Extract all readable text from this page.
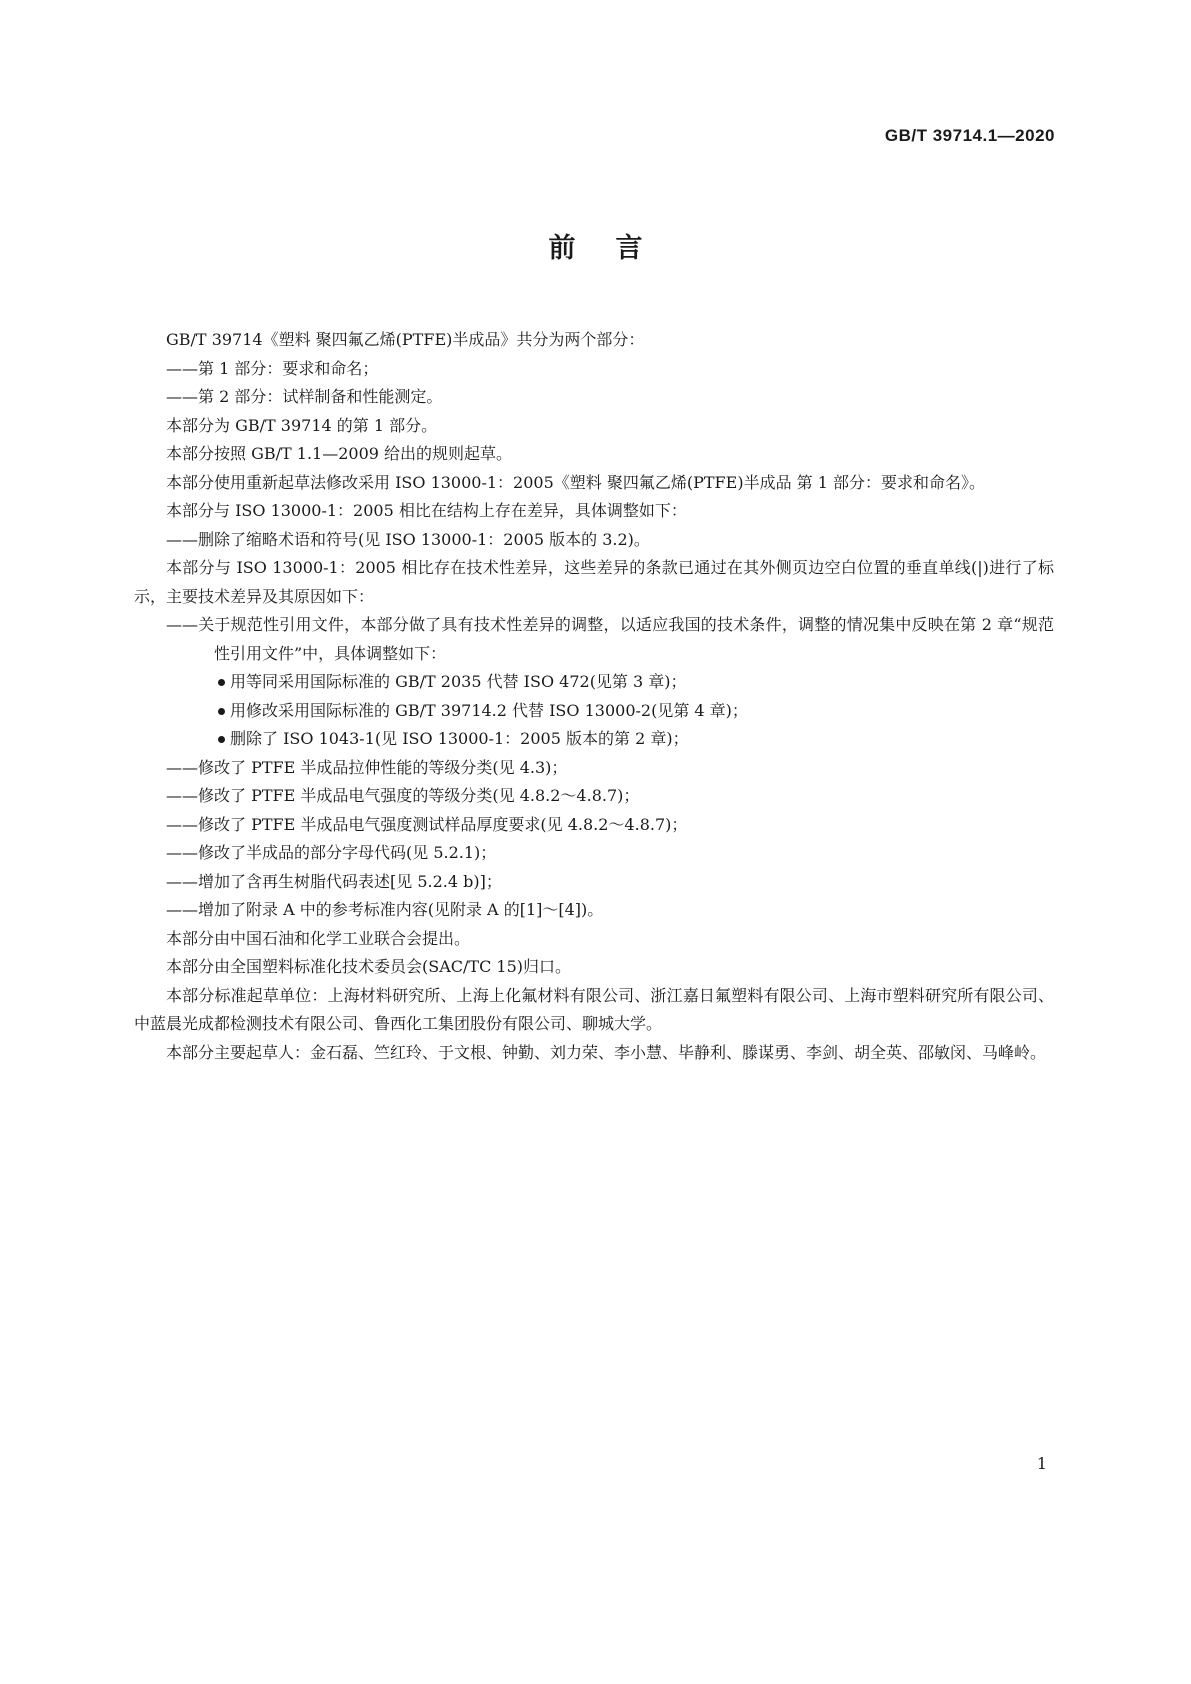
GB/T 39714.1—2020
前言

GB/T 39714《塑料 聚四氟乙烯(PTFE)半成品》共分为两个部分：

——第 1 部分：要求和命名；

——第 2 部分：试样制备和性能测定。

本部分为 GB/T 39714 的第 1 部分。

本部分按照 GB/T 1.1—2009 给出的规则起草。

本部分使用重新起草法修改采用 ISO 13000-1：2005《塑料 聚四氟乙烯(PTFE)半成品 第 1 部分：要求和命名》。

本部分与 ISO 13000-1：2005 相比在结构上存在差异，具体调整如下：

——删除了缩略术语和符号(见 ISO 13000-1：2005 版本的 3.2)。

本部分与 ISO 13000-1：2005 相比存在技术性差异，这些差异的条款已通过在其外侧页边空白位置的垂直单线(|)进行了标示，主要技术差异及其原因如下：

——关于规范性引用文件，本部分做了具有技术性差异的调整，以适应我国的技术条件，调整的情况集中反映在第 2 章“规范性引用文件”中，具体调整如下：

用等同采用国际标准的 GB/T 2035 代替 ISO 472(见第 3 章)；

用修改采用国际标准的 GB/T 39714.2 代替 ISO 13000-2(见第 4 章)；

删除了 ISO 1043-1(见 ISO 13000-1：2005 版本的第 2 章)；

——修改了 PTFE 半成品拉伸性能的等级分类(见 4.3)；

——修改了 PTFE 半成品电气强度的等级分类(见 4.8.2～4.8.7)；

——修改了 PTFE 半成品电气强度测试样品厚度要求(见 4.8.2～4.8.7)；

——修改了半成品的部分字母代码(见 5.2.1)；

——增加了含再生树脂代码表述[见 5.2.4 b)]；

——增加了附录 A 中的参考标准内容(见附录 A 的[1]～[4])。

本部分由中国石油和化学工业联合会提出。

本部分由全国塑料标准化技术委员会(SAC/TC 15)归口。

本部分标准起草单位：上海材料研究所、上海上化氟材料有限公司、浙江嘉日氟塑料有限公司、上海市塑料研究所有限公司、中蓝晨光成都检测技术有限公司、鲁西化工集团股份有限公司、聊城大学。

本部分主要起草人：金石磊、竺红玲、于文根、钟勤、刘力荣、李小慧、毕静利、滕谋勇、李剑、胡全英、邵敏闵、马峰岭。

1
